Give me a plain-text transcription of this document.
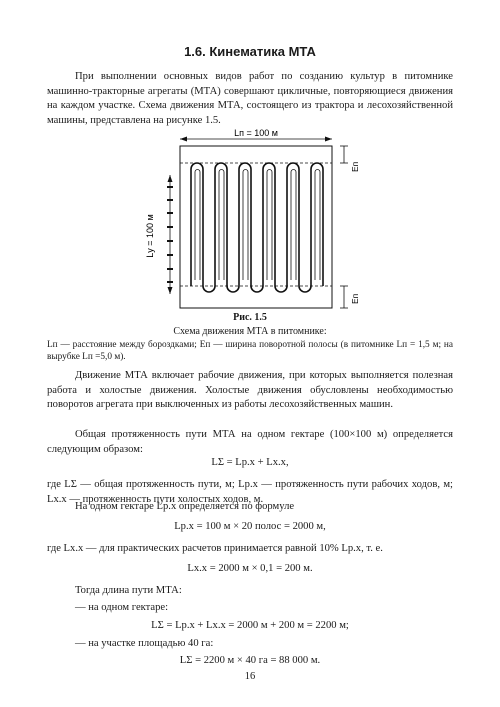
1.6. Кинематика МТА

При выполнении основных видов работ по созданию культур в питомнике машинно-тракторные агрегаты (МТА) совершают цикличные, повторяющиеся движения на каждом участке. Схема движения МТА, состоящего из трактора и лесохозяйственной машины, представлена на рисунке 1.5.

Lп = 100 м
Lу = 100 м
Еп
Еп
Рис. 1.5
Схема движения МТА в питомнике:

Lп — расстояние между бороздками; Еп — ширина поворотной полосы (в питомнике Lп = 1,5 м; на вырубке Lп =5,0 м).

Движение МТА включает рабочие движения, при которых выполняется полезная работа и холостые движения. Холостые движения обусловлены необходимостью поворотов агрегата при выключенных из работы лесохозяйственных машин.

Общая протяженность пути МТА на одном гектаре (100×100 м) определяется следующим образом:

LΣ = Lр.х + Lх.х,

где LΣ — общая протяженность пути, м; Lр.х — протяженность пути рабочих ходов, м; Lх.х — протяженность пути холостых ходов, м.

На одном гектаре Lр.х определяется по формуле
Lр.х = 100 м × 20 полос = 2000 м,
где Lх.х — для практических расчетов принимается равной 10% Lр.х, т. е.
Lх.х = 2000 м × 0,1 = 200 м.
Тогда длина пути МТА:
— на одном гектаре:
LΣ = Lр.х + Lх.х = 2000 м + 200 м = 2200 м;
— на участке площадью 40 га:
LΣ = 2200 м × 40 га = 88 000 м.
16
